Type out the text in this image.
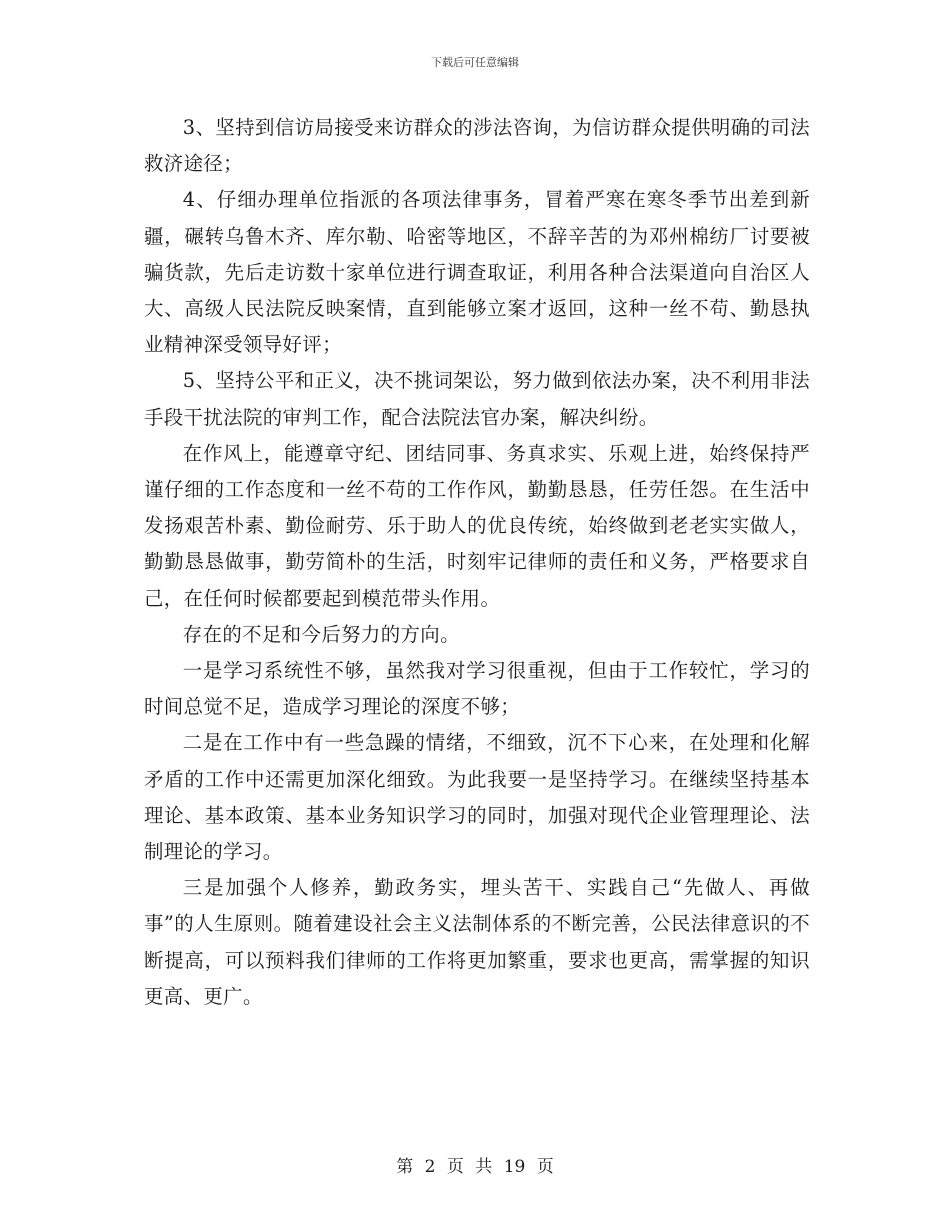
下载后可任意编辑

3、坚持到信访局接受来访群众的涉法咨询，为信访群众提供明确的司法救济途径；

4、仔细办理单位指派的各项法律事务，冒着严寒在寒冬季节出差到新疆，碾转乌鲁木齐、库尔勒、哈密等地区，不辞辛苦的为邓州棉纺厂讨要被骗货款，先后走访数十家单位进行调查取证，利用各种合法渠道向自治区人大、高级人民法院反映案情，直到能够立案才返回，这种一丝不苟、勤恳执业精神深受领导好评；

5、坚持公平和正义，决不挑词架讼，努力做到依法办案，决不利用非法手段干扰法院的审判工作，配合法院法官办案，解决纠纷。

在作风上，能遵章守纪、团结同事、务真求实、乐观上进，始终保持严谨仔细的工作态度和一丝不苟的工作作风，勤勤恳恳，任劳任怨。在生活中发扬艰苦朴素、勤俭耐劳、乐于助人的优良传统，始终做到老老实实做人，勤勤恳恳做事，勤劳简朴的生活，时刻牢记律师的责任和义务，严格要求自己，在任何时候都要起到模范带头作用。

存在的不足和今后努力的方向。

一是学习系统性不够，虽然我对学习很重视，但由于工作较忙，学习的时间总觉不足，造成学习理论的深度不够；

二是在工作中有一些急躁的情绪，不细致，沉不下心来，在处理和化解矛盾的工作中还需更加深化细致。为此我要一是坚持学习。在继续坚持基本理论、基本政策、基本业务知识学习的同时，加强对现代企业管理理论、法制理论的学习。

三是加强个人修养，勤政务实，埋头苦干、实践自己“先做人、再做事”的人生原则。随着建设社会主义法制体系的不断完善，公民法律意识的不断提高，可以预料我们律师的工作将更加繁重，要求也更高，需掌握的知识更高、更广。

第 2 页 共 19 页
